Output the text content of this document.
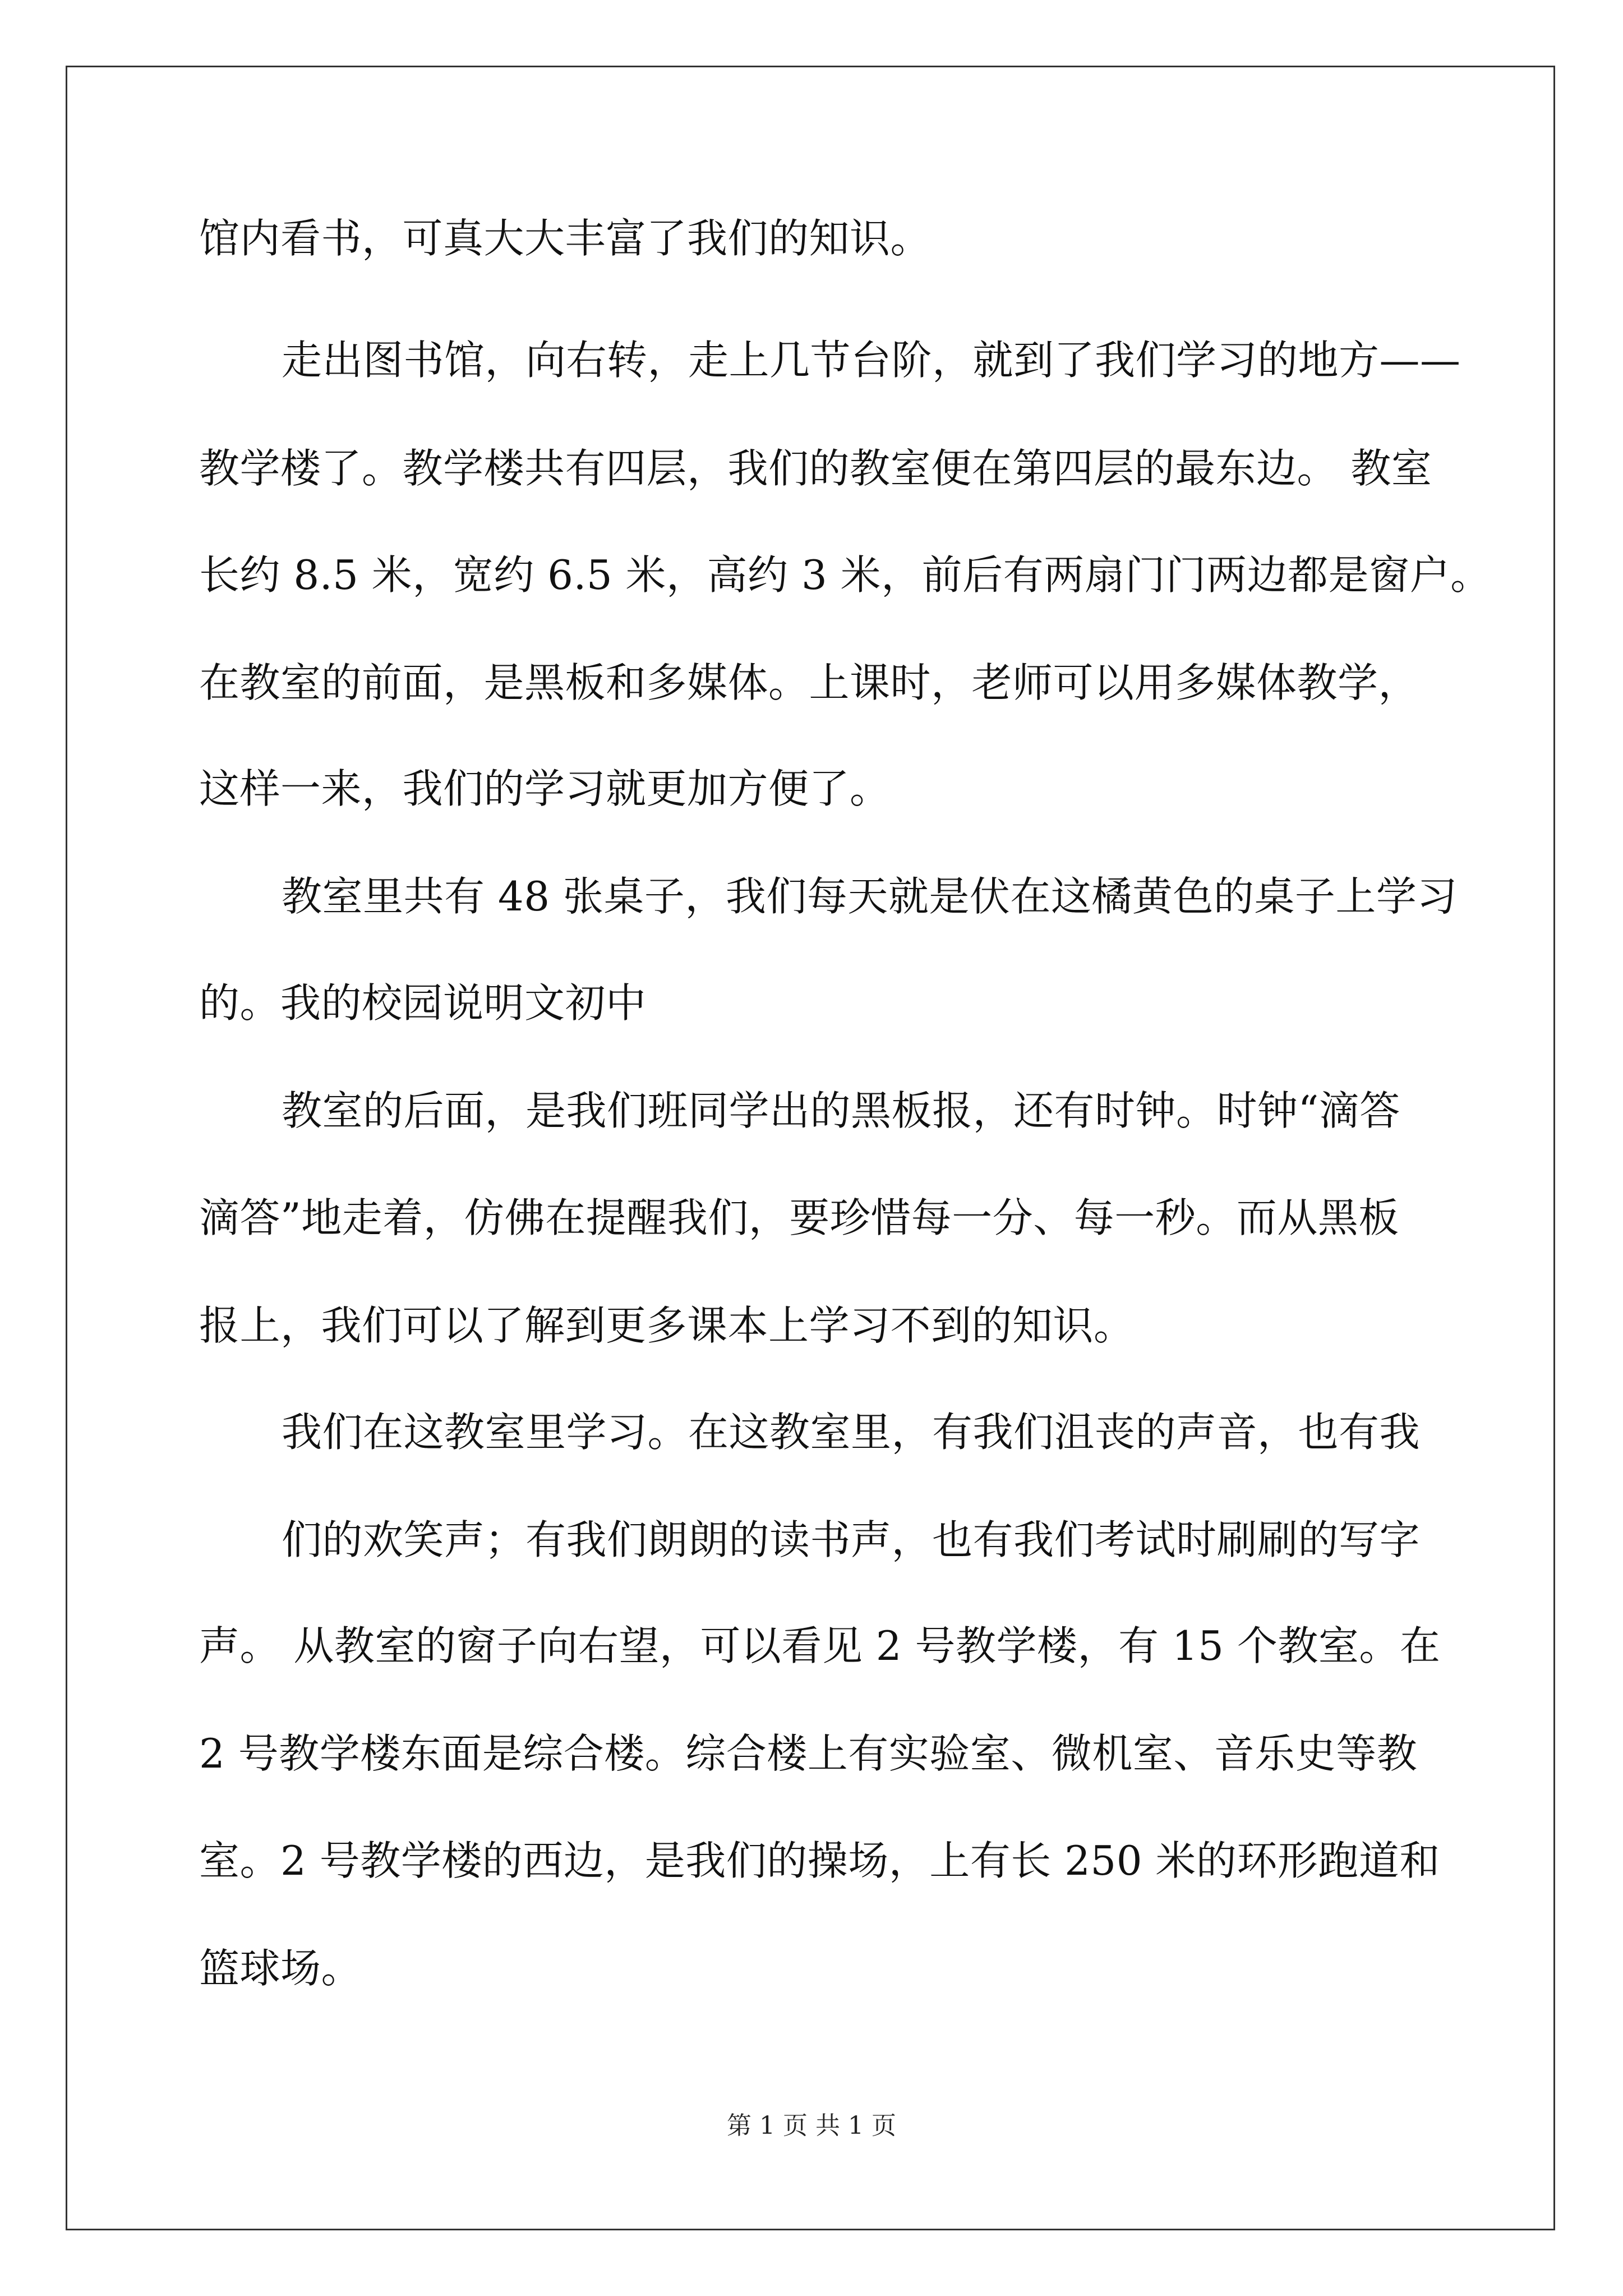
馆内看书，可真大大丰富了我们的知识。

走出图书馆，向右转，走上几节台阶，就到了我们学习的地方——

教学楼了。教学楼共有四层，我们的教室便在第四层的最东边。 教室

长约 8.5 米，宽约 6.5 米，高约 3 米，前后有两扇门门两边都是窗户。

在教室的前面，是黑板和多媒体。上课时，老师可以用多媒体教学，

这样一来，我们的学习就更加方便了。

教室里共有 48 张桌子，我们每天就是伏在这橘黄色的桌子上学习

的。我的校园说明文初中

教室的后面，是我们班同学出的黑板报，还有时钟。时钟“滴答

滴答”地走着，仿佛在提醒我们，要珍惜每一分、每一秒。而从黑板

报上，我们可以了解到更多课本上学习不到的知识。

我们在这教室里学习。在这教室里，有我们沮丧的声音，也有我

们的欢笑声；有我们朗朗的读书声，也有我们考试时刷刷的写字

声。 从教室的窗子向右望，可以看见 2 号教学楼，有 15 个教室。在

2 号教学楼东面是综合楼。综合楼上有实验室、微机室、音乐史等教

室。2 号教学楼的西边，是我们的操场，上有长 250 米的环形跑道和

篮球场。

第 1 页 共 1 页
